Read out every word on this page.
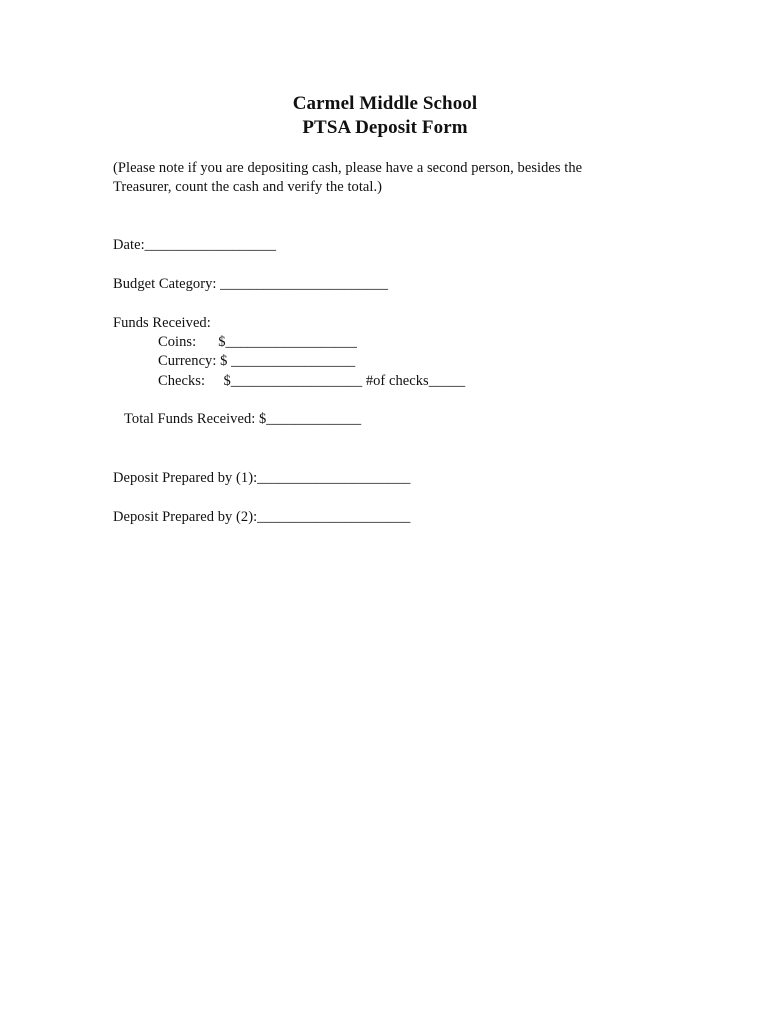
Carmel Middle School
PTSA Deposit Form
(Please note if you are depositing cash, please have a second person, besides the
Treasurer, count the cash and verify the total.)
Date:__________________
Budget Category: _______________________
Funds Received:
Coins:      $__________________
Currency: $ _________________
Checks:     $__________________ #of checks_____
Total Funds Received: $_____________
Deposit Prepared by (1):_____________________
Deposit Prepared by (2):_____________________
